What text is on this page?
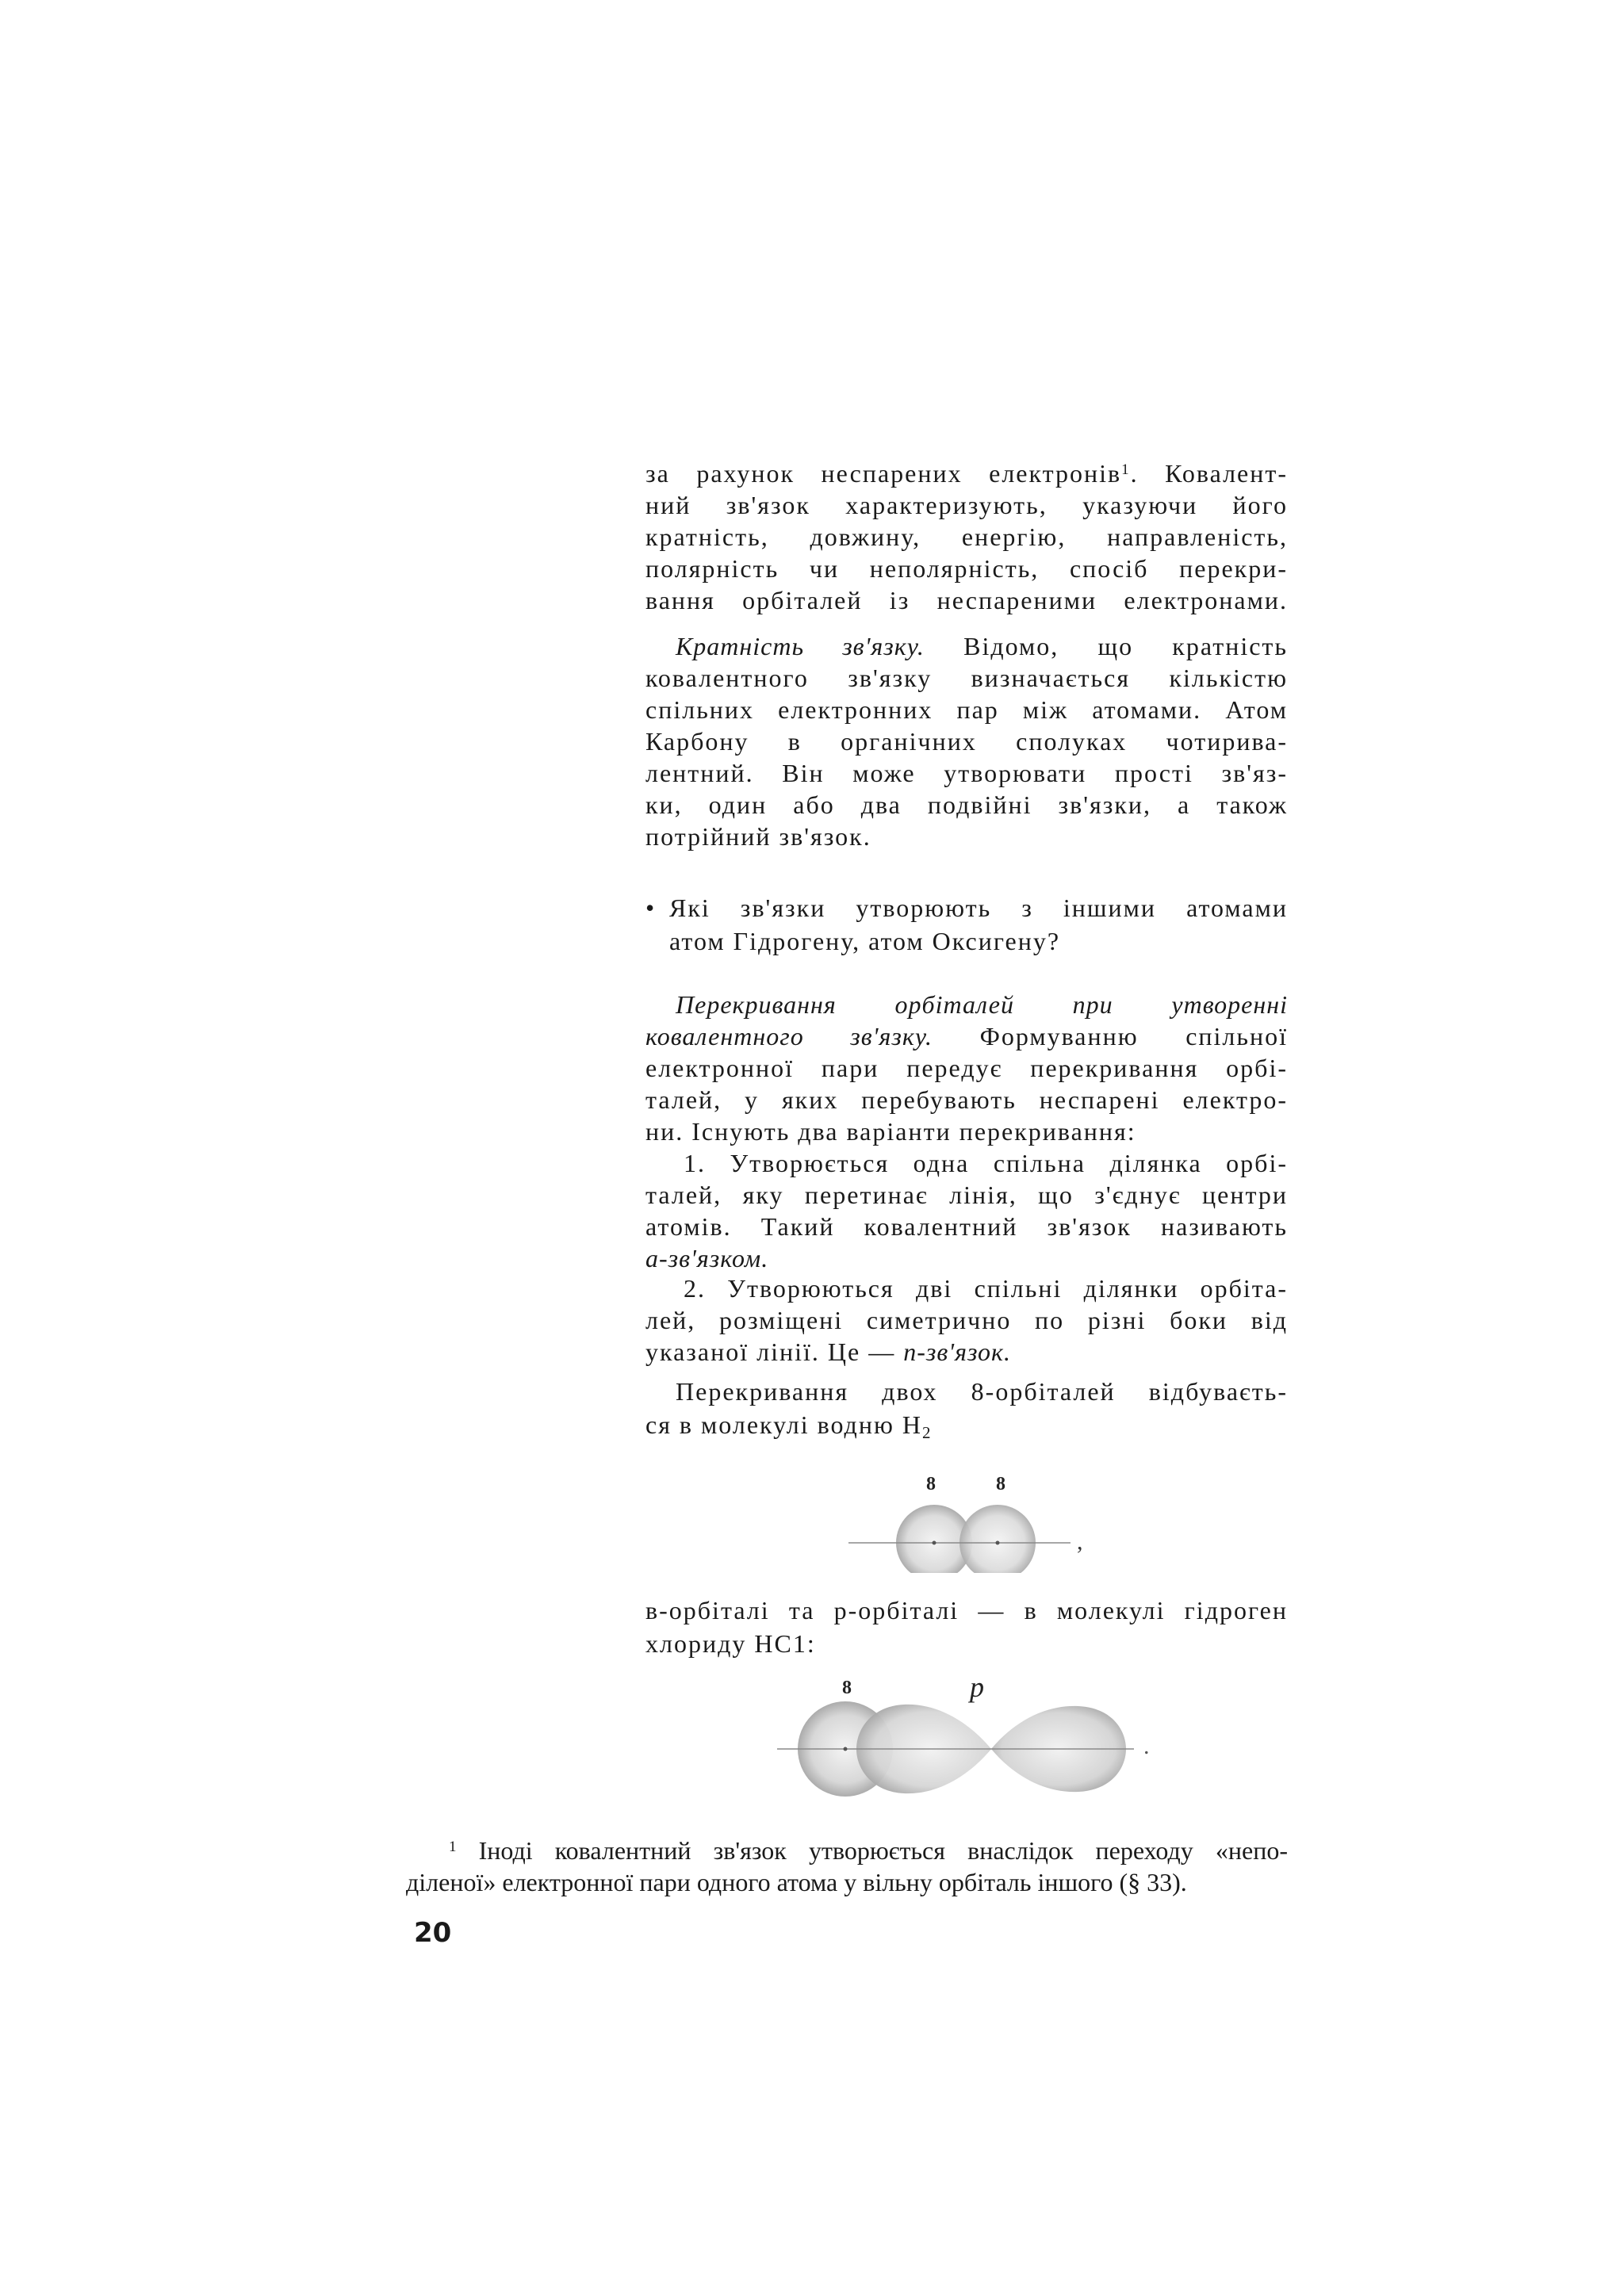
за рахунок неспарених електронів$^1$. Ковалент-
ний зв'язок характеризують, указуючи його
кратність, довжину, енергію, направленість,
полярність чи неполярність, спосіб перекри-
вання орбіталей із неспареними електронами.
Кратність зв'язку. Відомо, що кратність
ковалентного зв'язку визначається кількістю
спільних електронних пар між атомами. Атом
Карбону в органічних сполуках чотирива-
лентний. Він може утворювати прості зв'яз-
ки, один або два подвійні зв'язки, а також
потрійний зв'язок.
• Які зв'язки утворюють з іншими атомами
атом Гідрогену, атом Оксигену?
Перекривання орбіталей при утворенні
ковалентного зв'язку. Формуванню спільної
електронної пари передує перекривання орбі-
талей, у яких перебувають неспарені електро-
ни. Існують два варіанти перекривання:
1. Утворюється одна спільна ділянка орбі-
талей, яку перетинає лінія, що з'єднує центри
атомів. Такий ковалентний зв'язок називають
а-зв'язком.
2. Утворюються дві спільні ділянки орбіта-
лей, розміщені симетрично по різні боки від
указаної лінії. Це — п-зв'язок.
Перекривання двох 8-орбіталей відбуваєть-
ся в молекулі водню $Н_2$
8	8
,
в-орбіталі та р-орбіталі — в молекулі гідроген
хлориду НС1:
8	p
.
$^1$ Іноді ковалентний зв'язок утворюється внаслідок переходу «непо-
діленої» електронної пари одного атома у вільну орбіталь іншого (§ 33).
20
